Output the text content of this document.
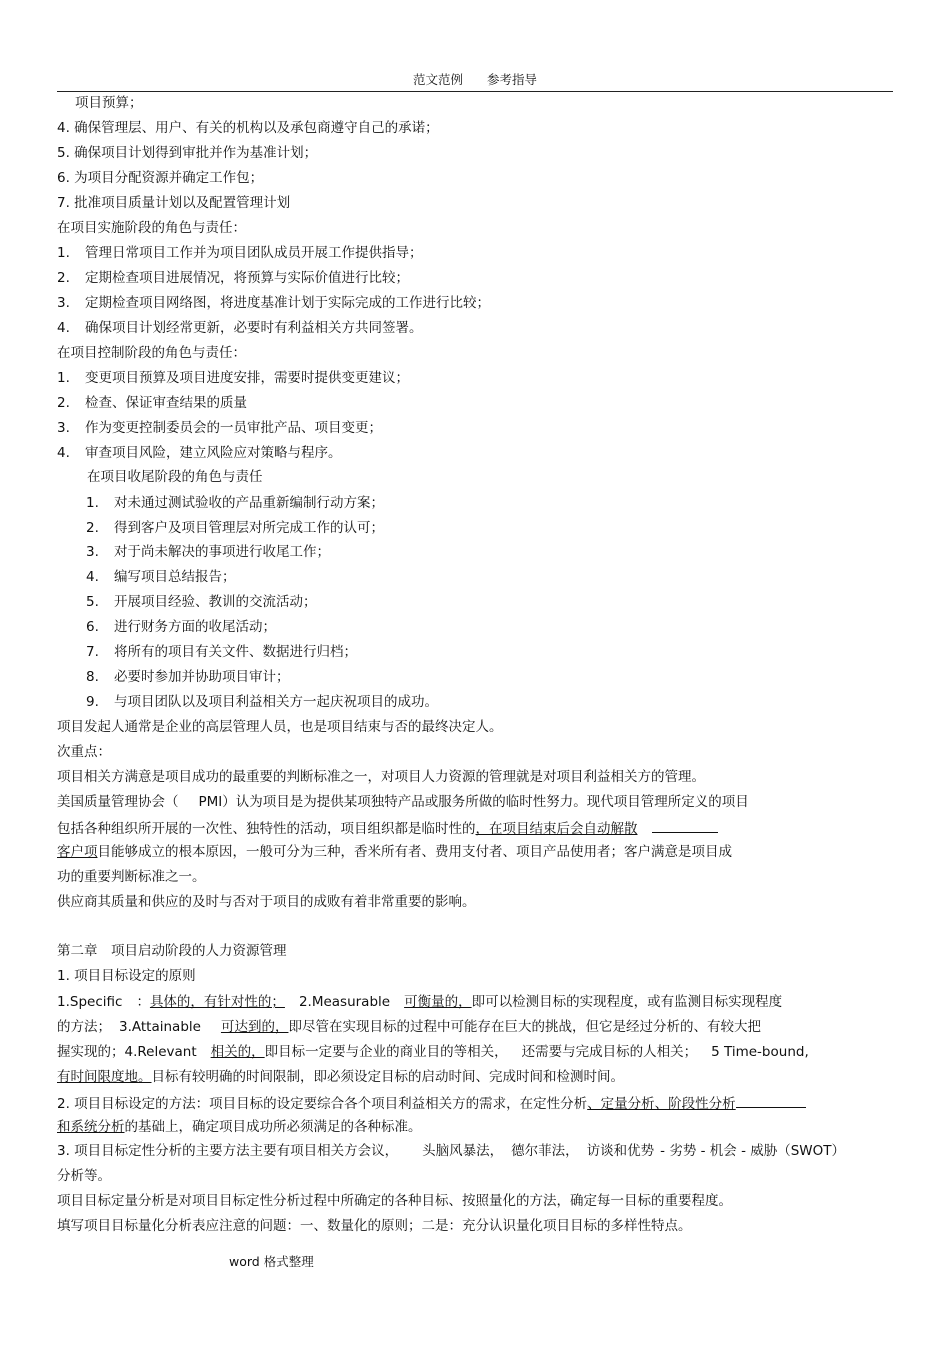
范文范例 参考指导
项目预算；
4. 确保管理层、用户、有关的机构以及承包商遵守自己的承诺；
5. 确保项目计划得到审批并作为基准计划；
6. 为项目分配资源并确定工作包；
7. 批准项目质量计划以及配置管理计划
在项目实施阶段的角色与责任：
1. 管理日常项目工作并为项目团队成员开展工作提供指导；
2. 定期检查项目进展情况，将预算与实际价值进行比较；
3. 定期检查项目网络图，将进度基准计划于实际完成的工作进行比较；
4. 确保项目计划经常更新，必要时有利益相关方共同签署。
在项目控制阶段的角色与责任：
1. 变更项目预算及项目进度安排，需要时提供变更建议；
2. 检查、保证审查结果的质量
3. 作为变更控制委员会的一员审批产品、项目变更；
4. 审查项目风险，建立风险应对策略与程序。
在项目收尾阶段的角色与责任
1. 对未通过测试验收的产品重新编制行动方案；
2. 得到客户及项目管理层对所完成工作的认可；
3. 对于尚未解决的事项进行收尾工作；
4. 编写项目总结报告；
5. 开展项目经验、教训的交流活动；
6. 进行财务方面的收尾活动；
7. 将所有的项目有关文件、数据进行归档；
8. 必要时参加并协助项目审计；
9. 与项目团队以及项目利益相关方一起庆祝项目的成功。
项目发起人通常是企业的高层管理人员，也是项目结束与否的最终决定人。
次重点：
项目相关方满意是项目成功的最重要的判断标准之一，对项目人力资源的管理就是对项目利益相关方的管理。
美国质量管理协会（ PMI）认为项目是为提供某项独特产品或服务所做的临时性努力。现代项目管理所定义的项目
包括各种组织所开展的一次性、独特性的活动，项目组织都是临时性的，在项目结束后会自动解散
客户项目能够成立的根本原因，一般可分为三种，香米所有者、费用支付者、项目产品使用者；客户满意是项目成
功的重要判断标准之一。
供应商其质量和供应的及时与否对于项目的成败有着非常重要的影响。
第二章　项目启动阶段的人力资源管理
1. 项目目标设定的原则
1.Specific ：具体的，有针对性的； 2.Measurable 可衡量的，即可以检测目标的实现程度，或有监测目标实现程度
的方法； 3.Attainable 可达到的，即尽管在实现目标的过程中可能存在巨大的挑战，但它是经过分析的、有较大把
握实现的；4.Relevant 相关的，即目标一定要与企业的商业目的等相关， 还需要与完成目标的人相关； 5 Time-bound,
有时间限度地。目标有较明确的时间限制，即必须设定目标的启动时间、完成时间和检测时间。
2. 项目目标设定的方法：项目目标的设定要综合各个项目利益相关方的需求，在定性分析、定量分析、阶段性分析
和系统分析的基础上，确定项目成功所必须满足的各种标准。
3. 项目目标定性分析的主要方法主要有项目相关方会议， 头脑风暴法， 德尔菲法， 访谈和优势 - 劣势 - 机会 - 威胁（SWOT）
分析等。
项目目标定量分析是对项目目标定性分析过程中所确定的各种目标、按照量化的方法，确定每一目标的重要程度。
填写项目目标量化分析表应注意的问题：一、数量化的原则；二是：充分认识量化项目目标的多样性特点。
word 格式整理
